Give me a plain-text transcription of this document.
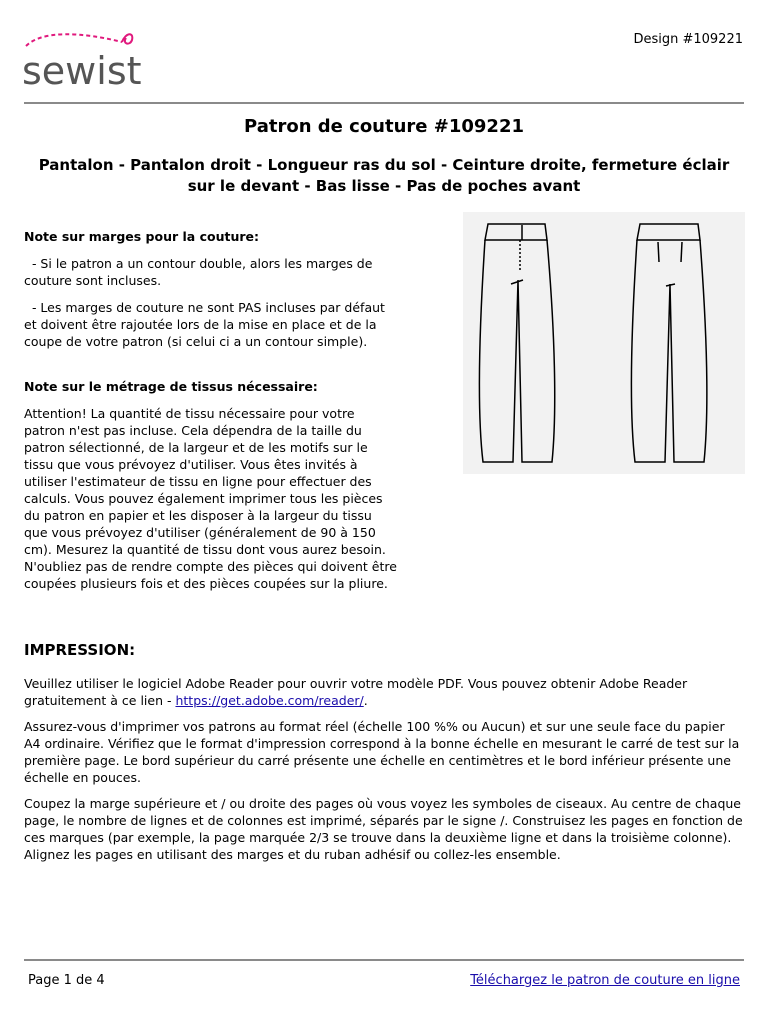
sewist
Design #109221
Patron de couture #109221
Pantalon - Pantalon droit - Longueur ras du sol - Ceinture droite, fermeture éclair sur le devant - Bas lisse - Pas de poches avant
Note sur marges pour la couture:

- Si le patron a un contour double, alors les marges de couture sont incluses.

- Les marges de couture ne sont PAS incluses par défaut et doivent être rajoutée lors de la mise en place et de la coupe de votre patron (si celui ci a un contour simple).

Note sur le métrage de tissus nécessaire:

Attention! La quantité de tissu nécessaire pour votre patron n'est pas incluse. Cela dépendra de la taille du patron sélectionné, de la largeur et de les motifs sur le tissu que vous prévoyez d'utiliser. Vous êtes invités à utiliser l'estimateur de tissu en ligne pour effectuer des calculs. Vous pouvez également imprimer tous les pièces du patron en papier et les disposer à la largeur du tissu que vous prévoyez d'utiliser (généralement de 90 à 150 cm). Mesurez la quantité de tissu dont vous aurez besoin. N'oubliez pas de rendre compte des pièces qui doivent être coupées plusieurs fois et des pièces coupées sur la pliure.

IMPRESSION:

Veuillez utiliser le logiciel Adobe Reader pour ouvrir votre modèle PDF. Vous pouvez obtenir Adobe Reader gratuitement à ce lien - https://get.adobe.com/reader/.

Assurez-vous d'imprimer vos patrons au format réel (échelle 100 %% ou Aucun) et sur une seule face du papier A4 ordinaire. Vérifiez que le format d'impression correspond à la bonne échelle en mesurant le carré de test sur la première page. Le bord supérieur du carré présente une échelle en centimètres et le bord inférieur présente une échelle en pouces.

Coupez la marge supérieure et / ou droite des pages où vous voyez les symboles de ciseaux. Au centre de chaque page, le nombre de lignes et de colonnes est imprimé, séparés par le signe /. Construisez les pages en fonction de ces marques (par exemple, la page marquée 2/3 se trouve dans la deuxième ligne et dans la troisième colonne). Alignez les pages en utilisant des marges et du ruban adhésif ou collez-les ensemble.

Page 1 de 4	Téléchargez le patron de couture en ligne
